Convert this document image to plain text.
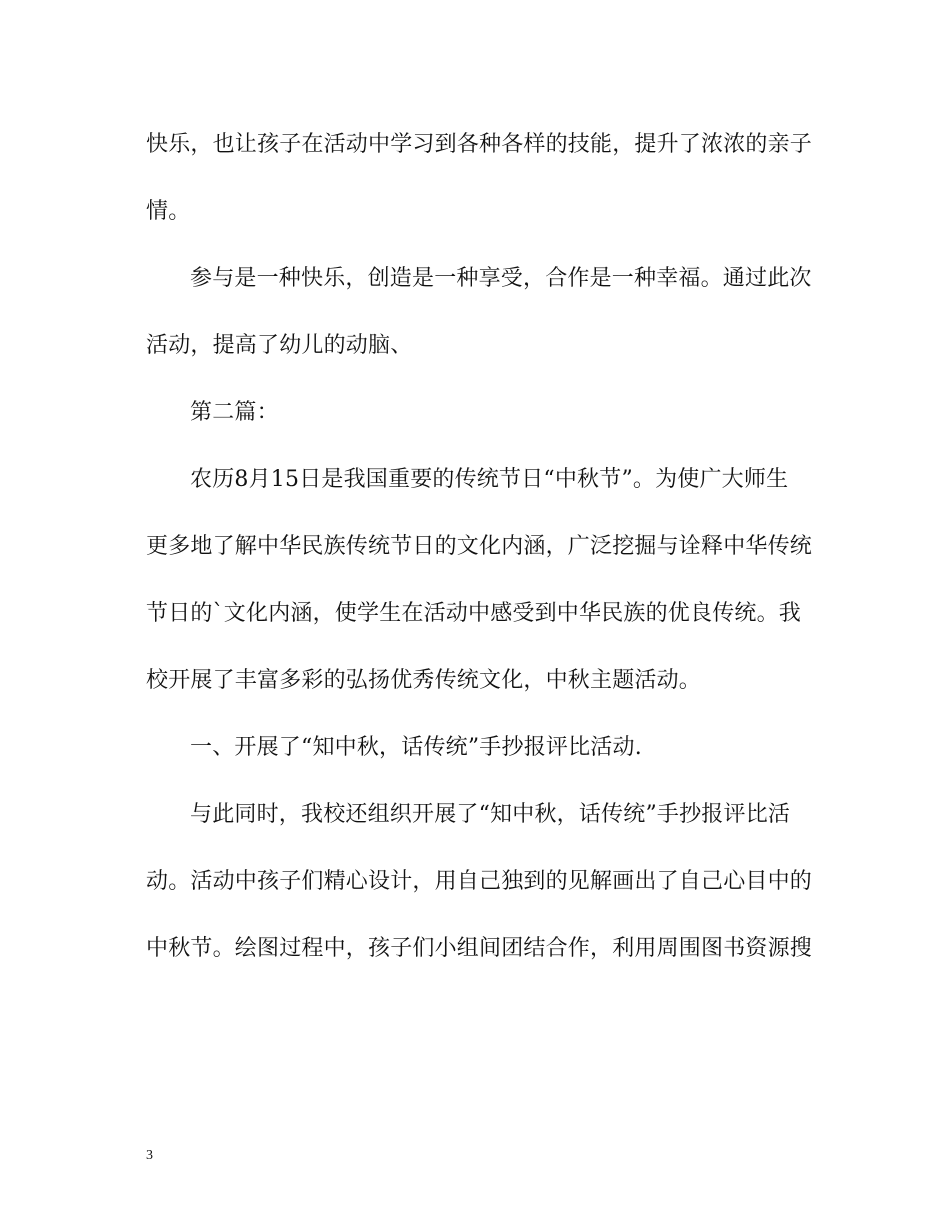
快乐，也让孩子在活动中学习到各种各样的技能，提升了浓浓的亲子
情。
参与是一种快乐，创造是一种享受，合作是一种幸福。通过此次
活动，提高了幼儿的动脑、
第二篇：
农历8月15日是我国重要的传统节日“中秋节”。为使广大师生
更多地了解中华民族传统节日的文化内涵，广泛挖掘与诠释中华传统
节日的`文化内涵，使学生在活动中感受到中华民族的优良传统。我
校开展了丰富多彩的弘扬优秀传统文化，中秋主题活动。
一、开展了“知中秋，话传统”手抄报评比活动.
与此同时，我校还组织开展了“知中秋，话传统”手抄报评比活
动。活动中孩子们精心设计，用自己独到的见解画出了自己心目中的
中秋节。绘图过程中，孩子们小组间团结合作，利用周围图书资源搜
3
